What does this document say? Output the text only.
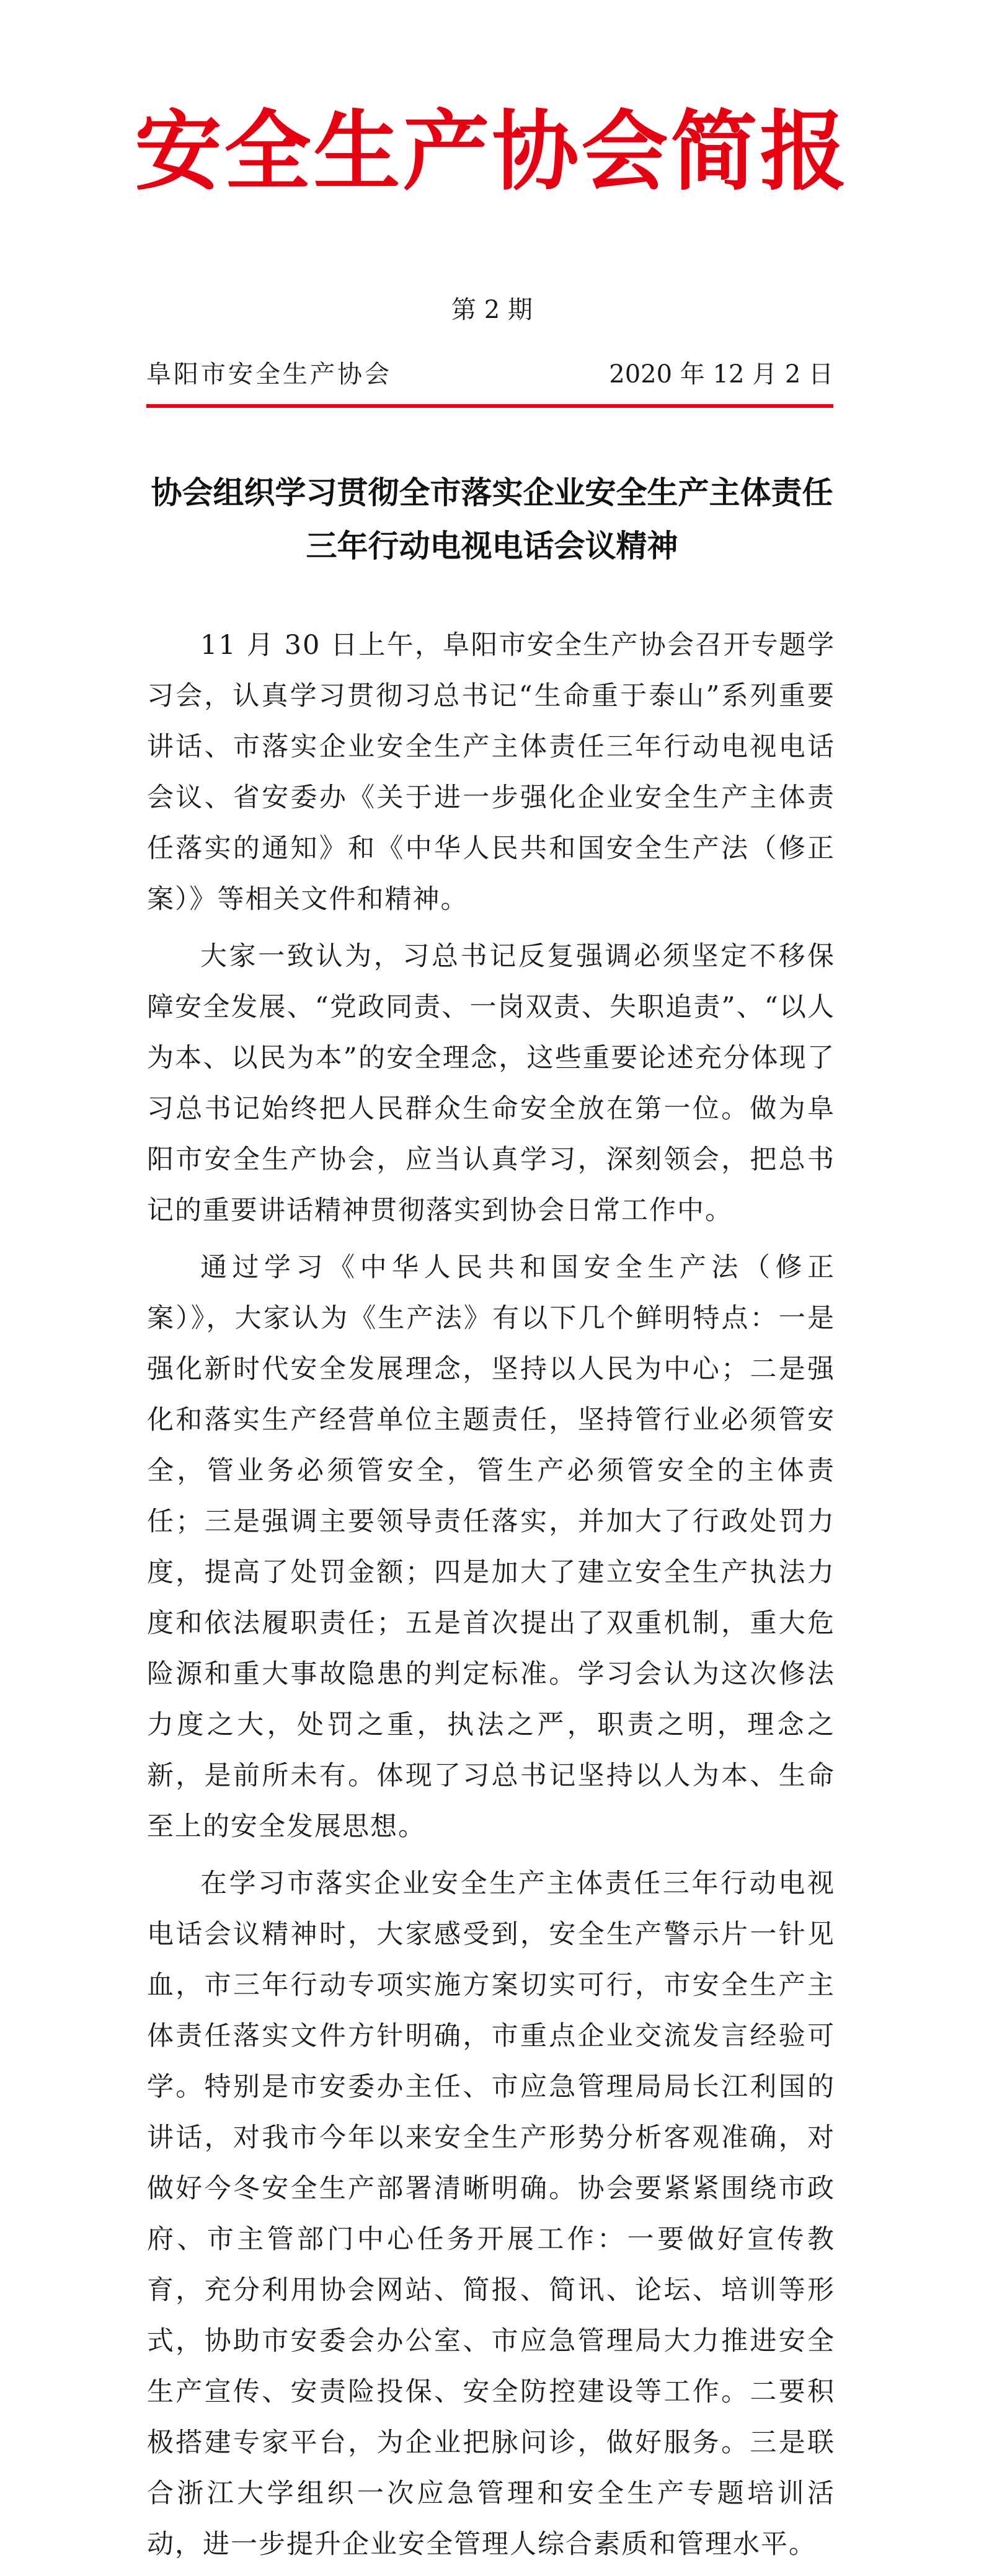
安全生产协会简报
第 2 期
阜阳市安全生产协会	2020 年 12 月 2 日
协会组织学习贯彻全市落实企业安全生产主体责任
三年行动电视电话会议精神

11 月 30 日上午，阜阳市安全生产协会召开专题学习会，认真学习贯彻习总书记“生命重于泰山”系列重要讲话、市落实企业安全生产主体责任三年行动电视电话会议、省安委办《关于进一步强化企业安全生产主体责任落实的通知》和《中华人民共和国安全生产法（修正案）》等相关文件和精神。

大家一致认为，习总书记反复强调必须坚定不移保障安全发展、“党政同责、一岗双责、失职追责”、“以人为本、以民为本”的安全理念，这些重要论述充分体现了习总书记始终把人民群众生命安全放在第一位。做为阜阳市安全生产协会，应当认真学习，深刻领会，把总书记的重要讲话精神贯彻落实到协会日常工作中。

通过学习《中华人民共和国安全生产法（修正案）》，大家认为《生产法》有以下几个鲜明特点：一是强化新时代安全发展理念，坚持以人民为中心；二是强化和落实生产经营单位主题责任，坚持管行业必须管安全，管业务必须管安全，管生产必须管安全的主体责任；三是强调主要领导责任落实，并加大了行政处罚力度，提高了处罚金额；四是加大了建立安全生产执法力度和依法履职责任；五是首次提出了双重机制，重大危险源和重大事故隐患的判定标准。学习会认为这次修法力度之大，处罚之重，执法之严，职责之明，理念之新，是前所未有。体现了习总书记坚持以人为本、生命至上的安全发展思想。

在学习市落实企业安全生产主体责任三年行动电视电话会议精神时，大家感受到，安全生产警示片一针见血，市三年行动专项实施方案切实可行，市安全生产主体责任落实文件方针明确，市重点企业交流发言经验可学。特别是市安委办主任、市应急管理局局长江利国的讲话，对我市今年以来安全生产形势分析客观准确，对做好今冬安全生产部署清晰明确。协会要紧紧围绕市政府、市主管部门中心任务开展工作：一要做好宣传教育，充分利用协会网站、简报、简讯、论坛、培训等形式，协助市安委会办公室、市应急管理局大力推进安全生产宣传、安责险投保、安全防控建设等工作。二要积极搭建专家平台，为企业把脉问诊，做好服务。三是联合浙江大学组织一次应急管理和安全生产专题培训活动，进一步提升企业安全管理人综合素质和管理水平。
